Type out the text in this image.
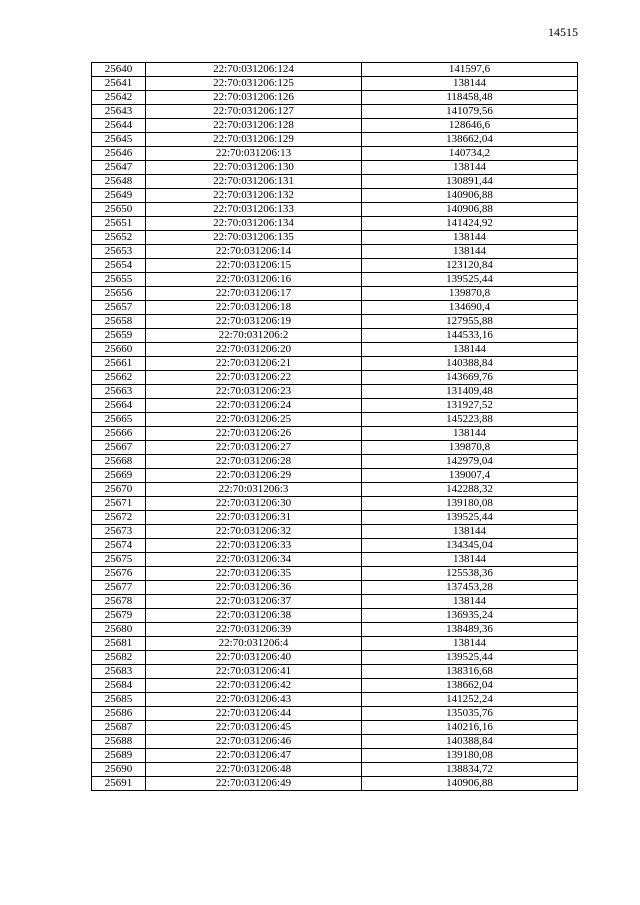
14515
25640	22:70:031206:124	141597,6
25641	22:70:031206:125	138144
25642	22:70:031206:126	118458,48
25643	22:70:031206:127	141079,56
25644	22:70:031206:128	128646,6
25645	22:70:031206:129	138662,04
25646	22:70:031206:13	140734,2
25647	22:70:031206:130	138144
25648	22:70:031206:131	130891,44
25649	22:70:031206:132	140906,88
25650	22:70:031206:133	140906,88
25651	22:70:031206:134	141424,92
25652	22:70:031206:135	138144
25653	22:70:031206:14	138144
25654	22:70:031206:15	123120,84
25655	22:70:031206:16	139525,44
25656	22:70:031206:17	139870,8
25657	22:70:031206:18	134690,4
25658	22:70:031206:19	127955,88
25659	22:70:031206:2	144533,16
25660	22:70:031206:20	138144
25661	22:70:031206:21	140388,84
25662	22:70:031206:22	143669,76
25663	22:70:031206:23	131409,48
25664	22:70:031206:24	131927,52
25665	22:70:031206:25	145223,88
25666	22:70:031206:26	138144
25667	22:70:031206:27	139870,8
25668	22:70:031206:28	142979,04
25669	22:70:031206:29	139007,4
25670	22:70:031206:3	142288,32
25671	22:70:031206:30	139180,08
25672	22:70:031206:31	139525,44
25673	22:70:031206:32	138144
25674	22:70:031206:33	134345,04
25675	22:70:031206:34	138144
25676	22:70:031206:35	125538,36
25677	22:70:031206:36	137453,28
25678	22:70:031206:37	138144
25679	22:70:031206:38	136935,24
25680	22:70:031206:39	138489,36
25681	22:70:031206:4	138144
25682	22:70:031206:40	139525,44
25683	22:70:031206:41	138316,68
25684	22:70:031206:42	138662,04
25685	22:70:031206:43	141252,24
25686	22:70:031206:44	135035,76
25687	22:70:031206:45	140216,16
25688	22:70:031206:46	140388,84
25689	22:70:031206:47	139180,08
25690	22:70:031206:48	138834,72
25691	22:70:031206:49	140906,88
